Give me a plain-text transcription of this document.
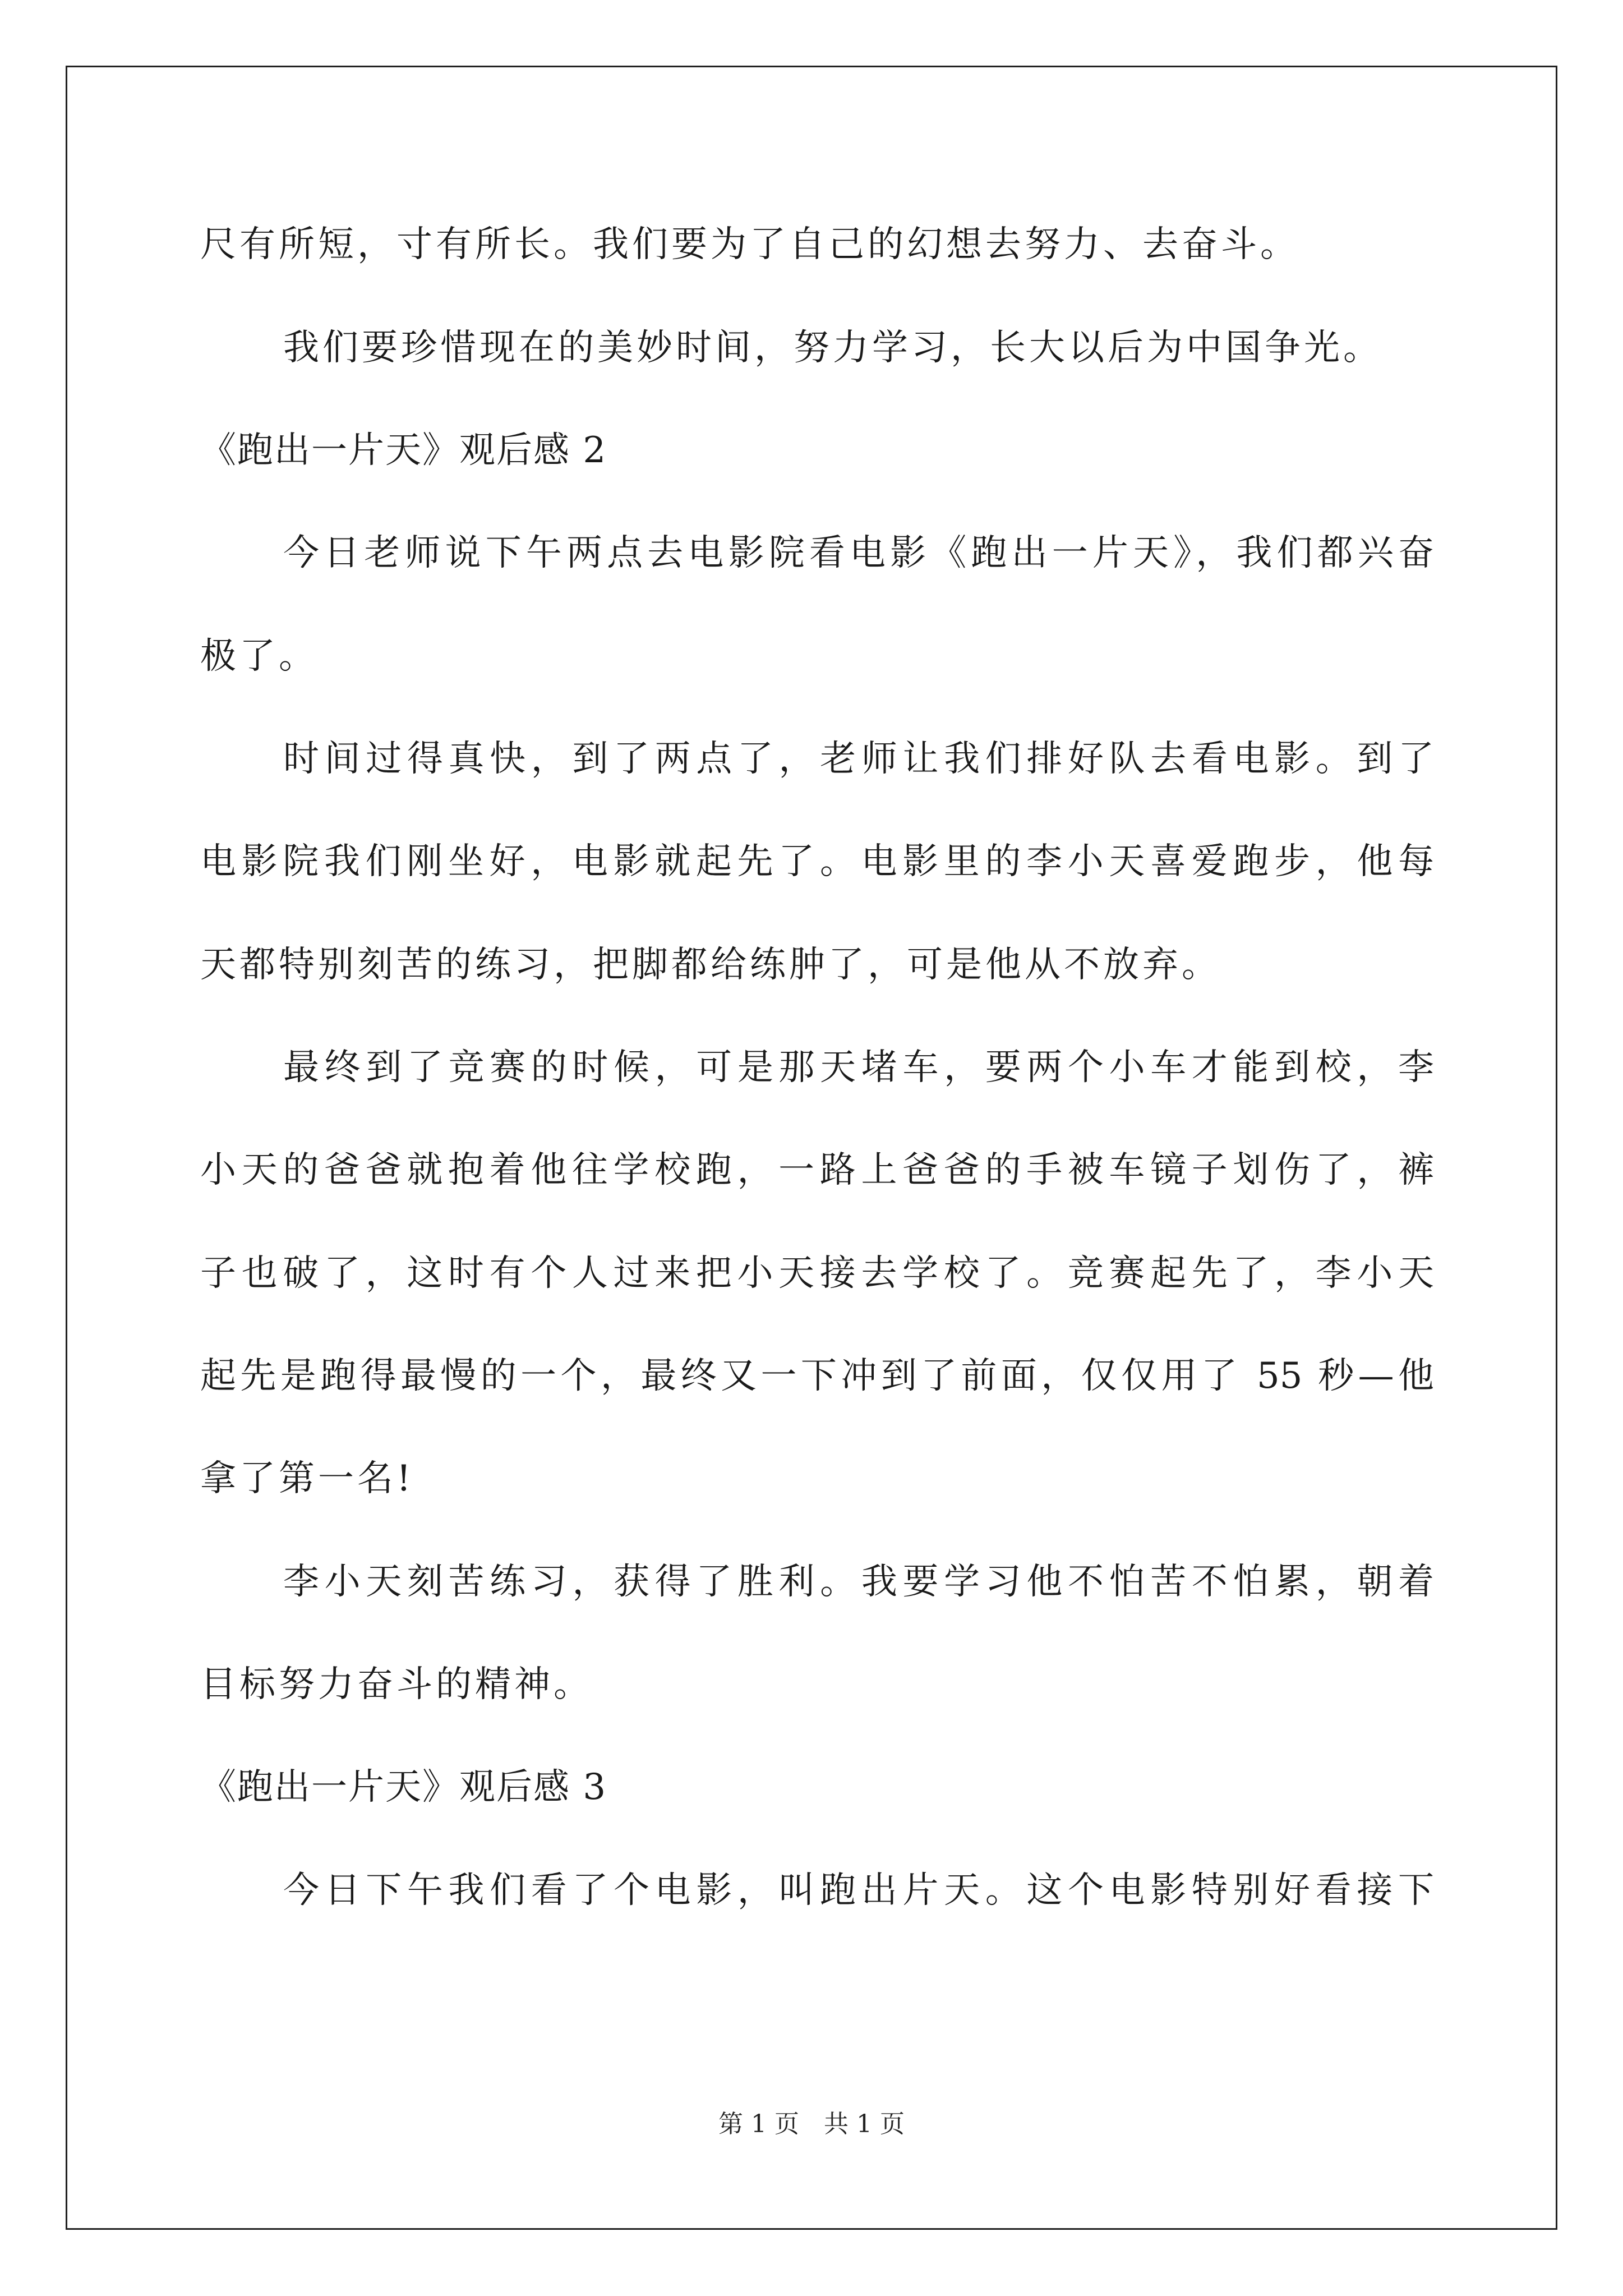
尺有所短，寸有所长。我们要为了自己的幻想去努力、去奋斗。
我们要珍惜现在的美妙时间，努力学习，长大以后为中国争光。
《跑出一片天》观后感 2
今日老师说下午两点去电影院看电影《跑出一片天》，我们都兴奋
极了。
时间过得真快，到了两点了，老师让我们排好队去看电影。到了
电影院我们刚坐好，电影就起先了。电影里的李小天喜爱跑步，他每
天都特别刻苦的练习，把脚都给练肿了，可是他从不放弃。
最终到了竞赛的时候，可是那天堵车，要两个小车才能到校，李
小天的爸爸就抱着他往学校跑，一路上爸爸的手被车镜子划伤了，裤
子也破了，这时有个人过来把小天接去学校了。竞赛起先了，李小天
起先是跑得最慢的一个，最终又一下冲到了前面，仅仅用了 55 秒—他
拿了第一名!
李小天刻苦练习，获得了胜利。我要学习他不怕苦不怕累，朝着
目标努力奋斗的精神。
《跑出一片天》观后感 3
今日下午我们看了个电影，叫跑出片天。这个电影特别好看接下
第 1 页　共 1 页
